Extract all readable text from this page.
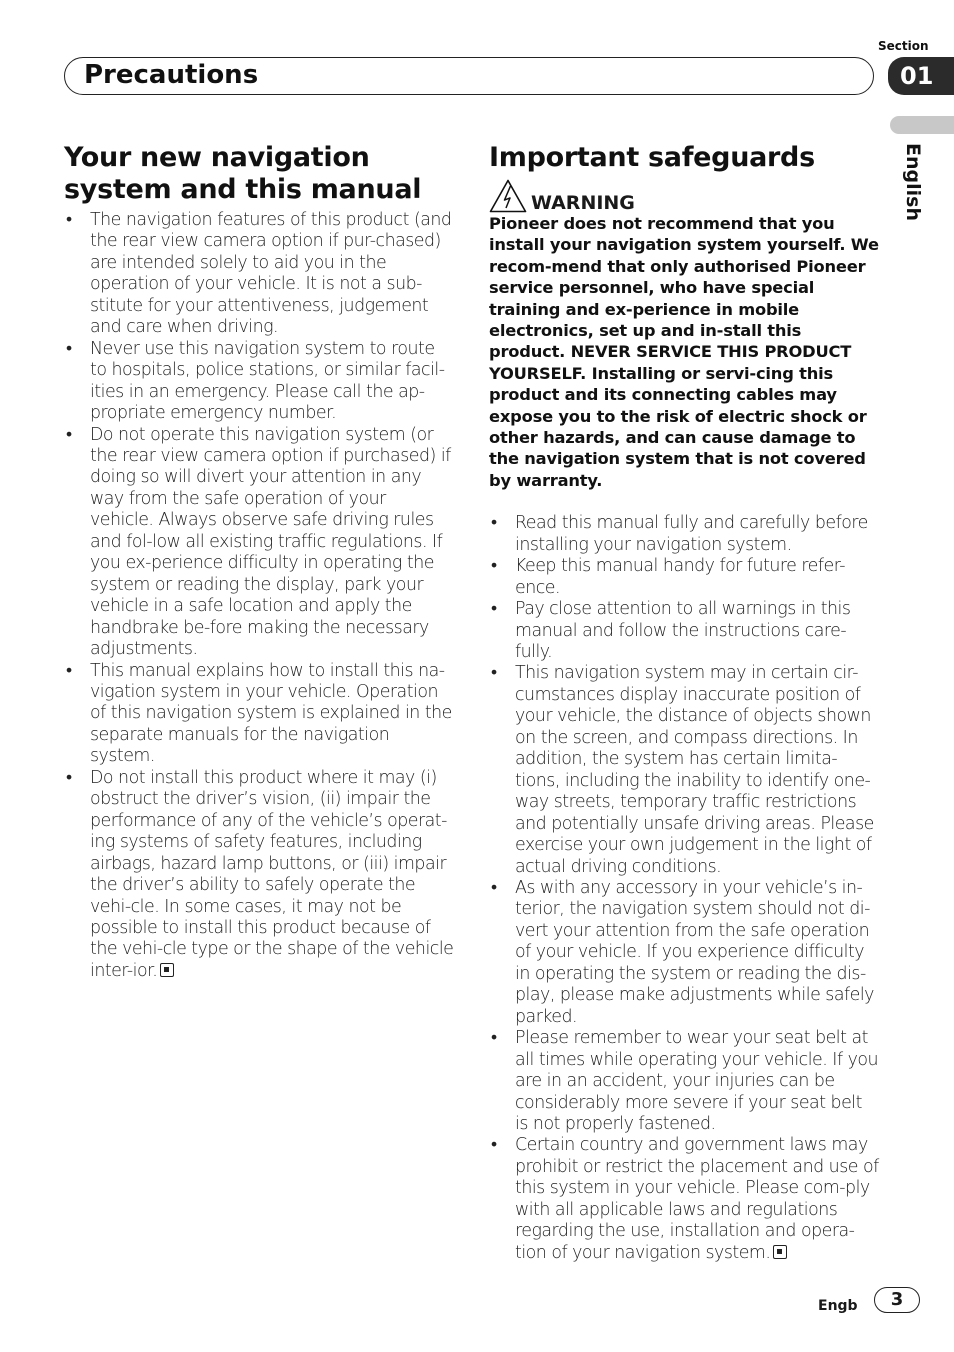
Section
Precautions	01
English
Your new navigation
system and this manual
• The navigation features of this product (and the rear view camera option if pur-chased) are intended solely to aid you in the operation of your vehicle. It is not a sub-stitute for your attentiveness, judgement and care when driving.
• Never use this navigation system to route to hospitals, police stations, or similar facil-ities in an emergency. Please call the ap-propriate emergency number.
• Do not operate this navigation system (or the rear view camera option if purchased) if doing so will divert your attention in any way from the safe operation of your vehicle. Always observe safe driving rules and fol-low all existing traffic regulations. If you ex-perience difficulty in operating the system or reading the display, park your vehicle in a safe location and apply the handbrake be-fore making the necessary adjustments.
• This manual explains how to install this na-vigation system in your vehicle. Operation of this navigation system is explained in the separate manuals for the navigation system.
• Do not install this product where it may (i) obstruct the driver’s vision, (ii) impair the performance of any of the vehicle’s operat-ing systems of safety features, including airbags, hazard lamp buttons, or (iii) impair the driver’s ability to safely operate the vehi-cle. In some cases, it may not be possible to install this product because of the vehi-cle type or the shape of the vehicle inter-ior.
Important safeguards
WARNING

Pioneer does not recommend that you install your navigation system yourself. We recom-mend that only authorised Pioneer service personnel, who have special training and ex-perience in mobile electronics, set up and in-stall this product. NEVER SERVICE THIS PRODUCT YOURSELF. Installing or servi-cing this product and its connecting cables may expose you to the risk of electric shock or other hazards, and can cause damage to the navigation system that is not covered by warranty.

• Read this manual fully and carefully before installing your navigation system.
• Keep this manual handy for future refer-ence.
• Pay close attention to all warnings in this manual and follow the instructions care-fully.
• This navigation system may in certain cir-cumstances display inaccurate position of your vehicle, the distance of objects shown on the screen, and compass directions. In addition, the system has certain limita-tions, including the inability to identify one-way streets, temporary traffic restrictions and potentially unsafe driving areas. Please exercise your own judgement in the light of actual driving conditions.
• As with any accessory in your vehicle’s in-terior, the navigation system should not di-vert your attention from the safe operation of your vehicle. If you experience difficulty in operating the system or reading the dis-play, please make adjustments while safely parked.
• Please remember to wear your seat belt at all times while operating your vehicle. If you are in an accident, your injuries can be considerably more severe if your seat belt is not properly fastened.
• Certain country and government laws may prohibit or restrict the placement and use of this system in your vehicle. Please com-ply with all applicable laws and regulations regarding the use, installation and opera-tion of your navigation system.
Engb	3
